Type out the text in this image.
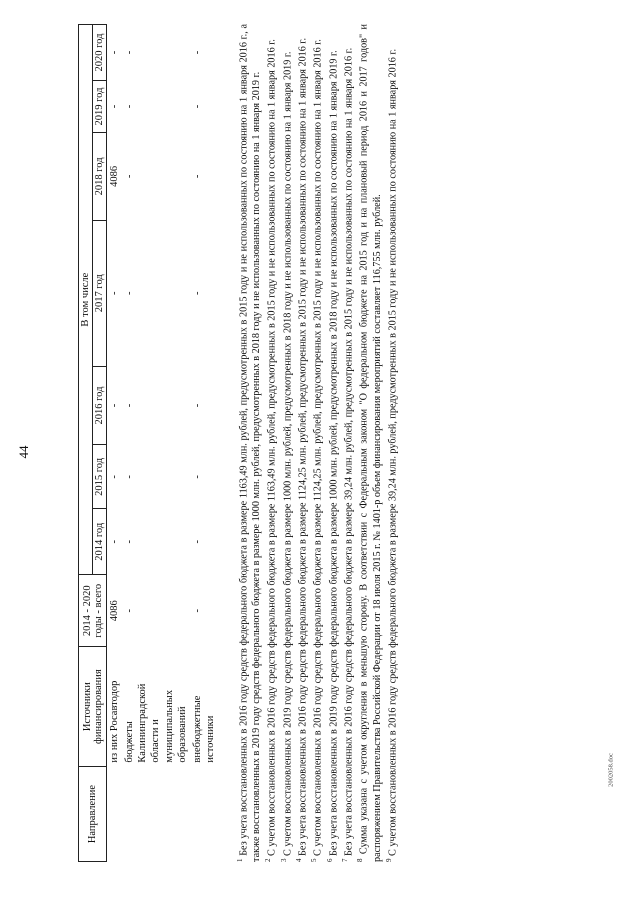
44
2002058.doc
Направление	Источники финансирования	2014 - 2020 годы - всего	В том числе						
			2014 год	2015 год	2016 год	2017 год	2018 год	2019 год	2020 год
	из них Росавтодор	4086	-	-	-	-	4086	-	-
	бюджеты Калининградской области и муниципальных образований	-	-	-	-	-	-	-	-
	внебюджетные источники	-	-	-	-	-	-	-	-

$^1$ Без учета восстановленных в 2016 году средств федерального бюджета в размере 1163,49 млн. рублей, предусмотренных в 2015 году и не использованных по состоянию на 1 января 2016 г., а также восстановленных в 2019 году средств федерального бюджета в размере 1000 млн. рублей, предусмотренных в 2018 году и не использованных по состоянию на 1 января 2019 г. $^2$ С учетом восстановленных в 2016 году средств федерального бюджета в размере 1163,49 млн. рублей, предусмотренных в 2015 году и не использованных по состоянию на 1 января 2016 г.

$^3$ С учетом восстановленных в 2019 году средств федерального бюджета в размере 1000 млн. рублей, предусмотренных в 2018 году и не использованных по состоянию на 1 января 2019 г.

$^4$ Без учета восстановленных в 2016 году средств федерального бюджета в размере 1124,25 млн. рублей, предусмотренных в 2015 году и не использованных по состоянию на 1 января 2016 г.

$^5$ С учетом восстановленных в 2016 году средств федерального бюджета в размере 1124,25 млн. рублей, предусмотренных в 2015 году и не использованных по состоянию на 1 января 2016 г.

$^6$ Без учета восстановленных в 2019 году средств федерального бюджета в размере 1000 млн. рублей, предусмотренных в 2018 году и не использованных по состоянию на 1 января 2019 г.

$^7$ Без учета восстановленных в 2016 году средств федерального бюджета в размере 39,24 млн. рублей, предусмотренных в 2015 году и не использованных по состоянию на 1 января 2016 г.

$^8$ Сумма указана с учетом округления в меньшую сторону. В соответствии с Федеральным законом "О федеральном бюджете на 2015 год и на плановый период 2016 и 2017 годов" и распоряжением Правительства Российской Федерации от 18 июля 2015 г. № 1401-р объем финансирования мероприятий составляет 116,755 млн. рублей. $^9$ С учетом восстановленных в 2016 году средств федерального бюджета в размере 39,24 млн. рублей, предусмотренных в 2015 году и не использованных по состоянию на 1 января 2016 г.
